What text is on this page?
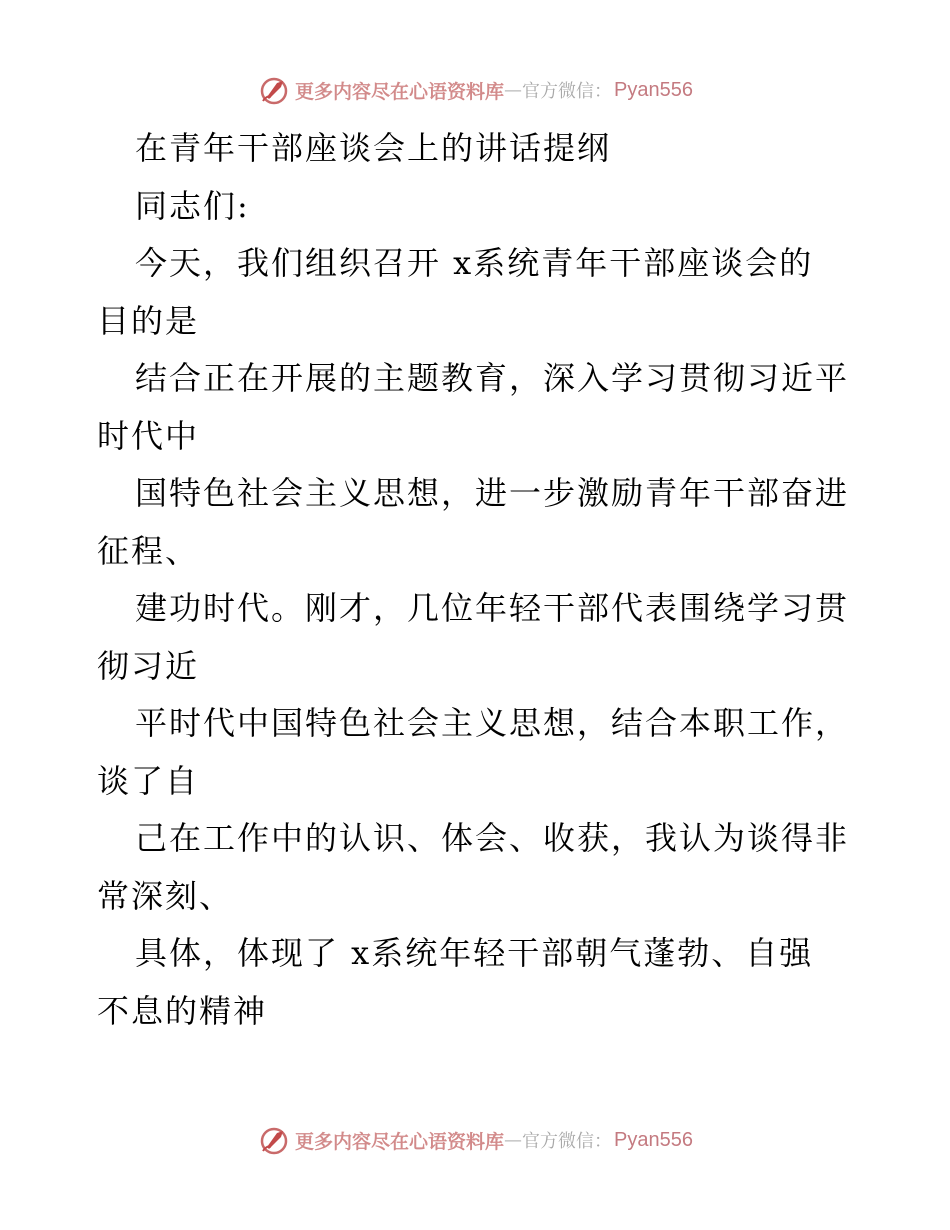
更多内容尽在心语资料库 — 官方微信： Pyan556
在青年干部座谈会上的讲话提纲
同志们:
今天，我们组织召开 x系统青年干部座谈会的
目的是
结合正在开展的主题教育，深入学习贯彻习近平
时代中
国特色社会主义思想，进一步激励青年干部奋进
征程、
建功时代。刚才，几位年轻干部代表围绕学习贯
彻习近
平时代中国特色社会主义思想，结合本职工作，
谈了自
己在工作中的认识、体会、收获，我认为谈得非
常深刻、
具体，体现了 x系统年轻干部朝气蓬勃、自强
不息的精神
更多内容尽在心语资料库 — 官方微信： Pyan556
